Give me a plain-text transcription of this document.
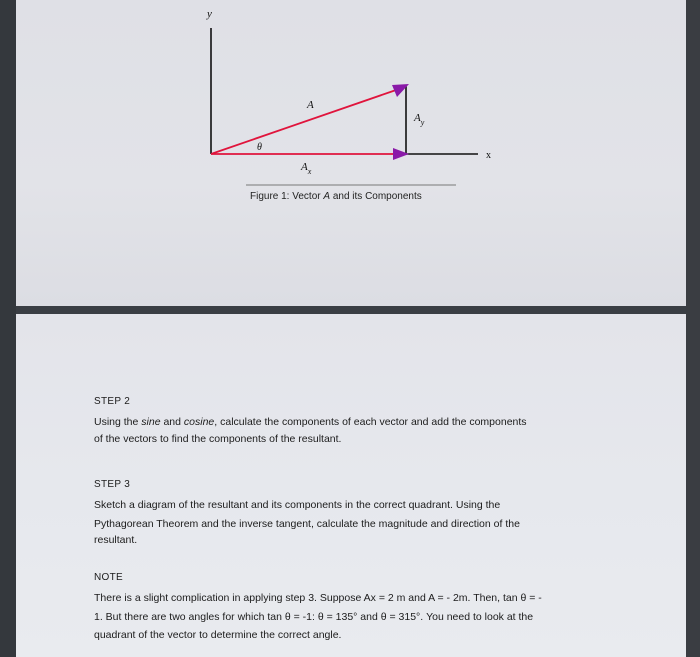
y
x
A
$A_y$
$A_x$
θ
Figure 1: Vector A and its Components
STEP 2
Using the sine and cosine, calculate the components of each vector and add the components
of the vectors to find the components of the resultant.
STEP 3
Sketch a diagram of the resultant and its components in the correct quadrant. Using the
Pythagorean Theorem and the inverse tangent, calculate the magnitude and direction of the
resultant.
NOTE
There is a slight complication in applying step 3. Suppose Ax = 2 m and A = - 2m. Then, tan θ = -
1. But there are two angles for which tan θ = -1: θ = 135° and θ = 315°. You need to look at the
quadrant of the vector to determine the correct angle.
